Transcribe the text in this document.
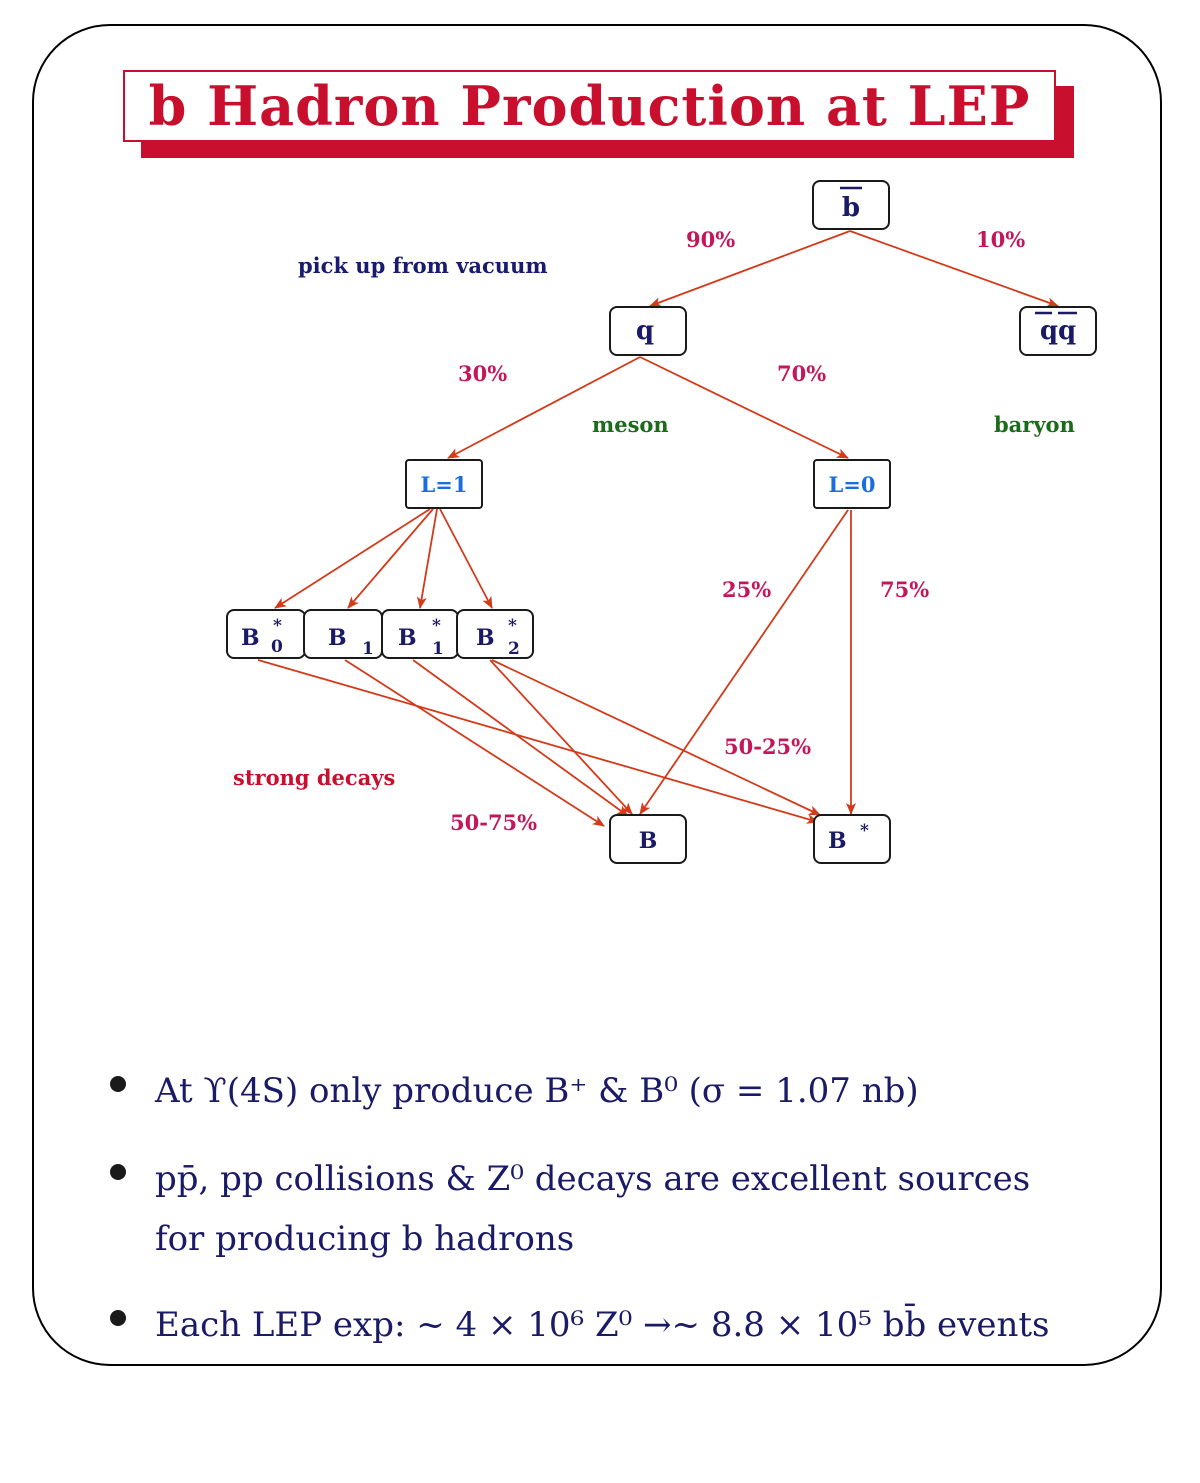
b Hadron Production at LEP
b
q	qq
L=1	L=0
B *
0 B 1 B *
1 B *
2
B	B *
pick up from vacuum
meson	baryon
strong decays
90%	10%
30%	70%
25%	75%
50-25%
50-75%
At ϒ(4S) only produce B⁺ & B⁰ (σ = 1.07 nb)
pp̄, pp collisions & Z⁰ decays are excellent sources
for producing b hadrons
Each LEP exp: ~ 4 × 10⁶ Z⁰ →~ 8.8 × 10⁵ bb̄ events
